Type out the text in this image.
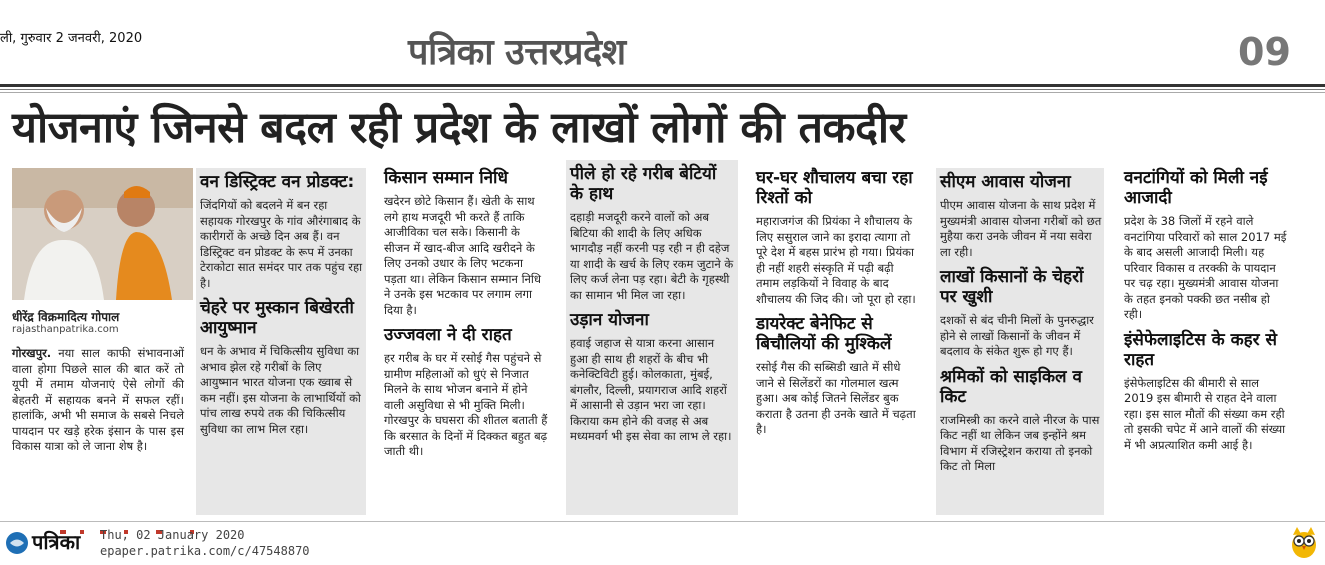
ली, गुरुवार 2 जनवरी, 2020	पत्रिका उत्तरप्रदेश	09
योजनाएं जिनसे बदल रही प्रदेश के लाखों लोगों की तकदीर
धीरेंद्र विक्रमादित्य गोपाल
rajasthanpatrika.com
गोरखपुर. नया साल काफी संभावनाओं वाला होगा पिछले साल की बात करें तो यूपी में तमाम योजनाएं ऐसे लोगों की बेहतरी में सहायक बनने में सफल रहीं। हालांकि, अभी भी समाज के सबसे निचले पायदान पर खड़े हरेक इंसान के पास इस विकास यात्रा को ले जाना शेष है।
वन डिस्ट्रिक्ट वन प्रोडक्ट:
जिंदगियों को बदलने में बन रहा सहायक गोरखपुर के गांव औरंगाबाद के कारीगरों के अच्छे दिन अब हैं। वन डिस्ट्रिक्ट वन प्रोडक्ट के रूप में उनका टेराकोटा सात समंदर पार तक पहुंच रहा है।
चेहरे पर मुस्कान बिखेरती आयुष्मान
धन के अभाव में चिकित्सीय सुविधा का अभाव झेल रहे गरीबों के लिए आयुष्मान भारत योजना एक ख्वाब से कम नहीं। इस योजना के लाभार्थियों को पांच लाख रुपये तक की चिकित्सीय सुविधा का लाभ मिल रहा।
किसान सम्मान निधि
खदेरन छोटे किसान हैं। खेती के साथ लगे हाथ मजदूरी भी करते हैं ताकि आजीविका चल सके। किसानी के सीजन में खाद-बीज आदि खरीदने के लिए उनको उधार के लिए भटकना पड़ता था। लेकिन किसान सम्मान निधि ने उनके इस भटकाव पर लगाम लगा दिया है।
उज्जवला ने दी राहत
हर गरीब के घर में रसोई गैस पहुंचने से ग्रामीण महिलाओं को धुएं से निजात मिलने के साथ भोजन बनाने में होने वाली असुविधा से भी मुक्ति मिली। गोरखपुर के घघसरा की शीतल बताती हैं कि बरसात के दिनों में दिक्कत बहुत बढ़ जाती थी।
पीले हो रहे गरीब बेटियों के हाथ
दहाड़ी मजदूरी करने वालों को अब बिटिया की शादी के लिए अधिक भागदौड़ नहीं करनी पड़ रही न ही दहेज या शादी के खर्च के लिए रकम जुटाने के लिए कर्ज लेना पड़ रहा। बेटी के गृहस्थी का सामान भी मिल जा रहा।
उड़ान योजना
हवाई जहाज से यात्रा करना आसान हुआ ही साथ ही शहरों के बीच भी कनेक्टिविटी हुई। कोलकाता, मुंबई, बंगलौर, दिल्ली, प्रयागराज आदि शहरों में आसानी से उड़ान भरा जा रहा। किराया कम होने की वजह से अब मध्यमवर्ग भी इस सेवा का लाभ ले रहा।
घर-घर शौचालय बचा रहा रिश्तों को
महाराजगंज की प्रियंका ने शौचालय के लिए ससुराल जाने का इरादा त्यागा तो पूरे देश में बहस प्रारंभ हो गया। प्रियंका ही नहीं शहरी संस्कृति में पढ़ी बढ़ी तमाम लड़कियों ने विवाह के बाद शौचालय की जिद की। जो पूरा हो रहा।
डायरेक्ट बेनेफिट से बिचौलियों की मुश्किलें
रसोई गैस की सब्सिडी खाते में सीधे जाने से सिलेंडरों का गोलमाल खत्म हुआ। अब कोई जितने सिलेंडर बुक कराता है उतना ही उनके खाते में चढ़ता है।
सीएम आवास योजना
पीएम आवास योजना के साथ प्रदेश में मुख्यमंत्री आवास योजना गरीबों को छत मुहैया करा उनके जीवन में नया सवेरा ला रही।
लाखों किसानों के चेहरों पर खुशी
दशकों से बंद चीनी मिलों के पुनरुद्धार होने से लाखों किसानों के जीवन में बदलाव के संकेत शुरू हो गए हैं।
श्रमिकों को साइकिल व किट
राजमिस्त्री का करने वाले नीरज के पास किट नहीं था लेकिन जब इन्होंने श्रम विभाग में रजिस्ट्रेशन कराया तो इनको किट तो मिला
वनटांगियों को मिली नई आजादी
प्रदेश के 38 जिलों में रहने वाले वनटांगिया परिवारों को साल 2017 मई के बाद असली आजादी मिली। यह परिवार विकास व तरक्की के पायदान पर चढ़ रहा। मुख्यमंत्री आवास योजना के तहत इनको पक्की छत नसीब हो रही।
इंसेफेलाइटिस के कहर से राहत
इंसेफेलाइटिस की बीमारी से साल 2019 इस बीमारी से राहत देने वाला रहा। इस साल मौतों की संख्या कम रही तो इसकी चपेट में आने वालों की संख्या में भी अप्रत्याशित कमी आई है।
पत्रिका Thu, 02 January 2020
epaper.patrika.com/c/47548870
